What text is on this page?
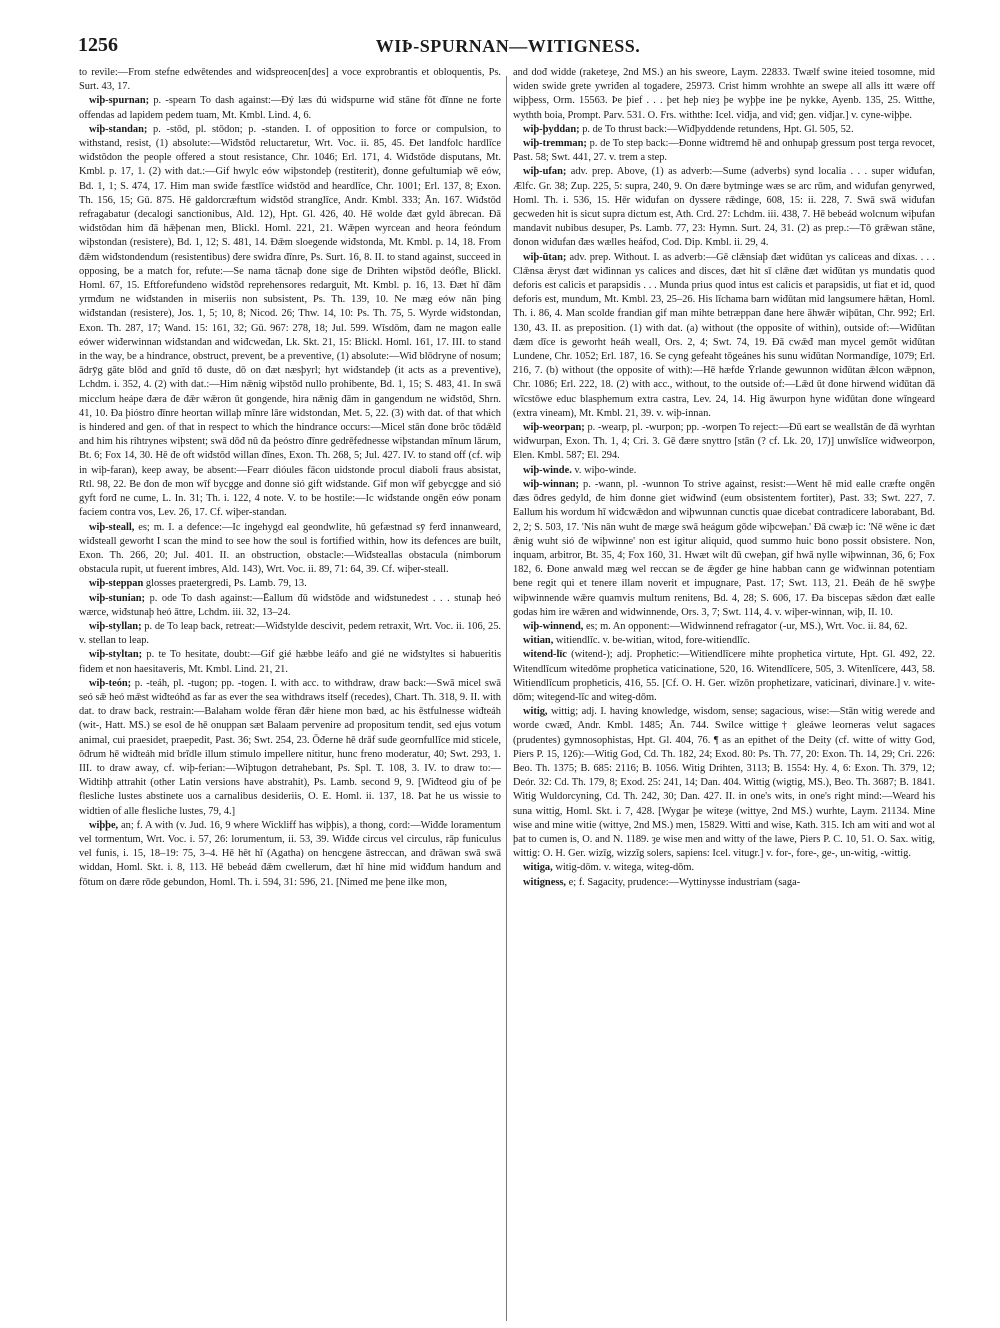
1256	WIÞ-SPURNAN—WITIGNESS.

to revile:—From stefne edwētendes and wiđspreocen[des] a voce exprobrantis et obloquentis, Ps. Surt. 43, 17.

wiþ-spurnan; p. -spearn To dash against:—Ðý læs đú wiđspurne wiđ stāne fōt đīnne ne forte offendas ad lapidem pedem tuam, Mt. Kmbl. Lind. 4, 6.

wiþ-standan; p. -stōd, pl. stōdon; p. -standen. I. of opposition to force or compulsion, to withstand, resist, (1) absolute:—Wiđstōd reluctaretur, Wrt. Voc. ii. 85, 45. Ðet landfolc hardlīce wiđstōdon the people offered a stout resistance, Chr. 1046; Erl. 171, 4. Wiđstōde disputans, Mt. Kmbl. p. 17, 1. (2) with dat.:—Gif hwylc eów wiþstondeþ (restiterit), đonne gefultumiaþ wē eów, Bd. 1, 1; S. 474, 17. Him man swiđe fæstlīce wiđstōd and heardlīce, Chr. 1001; Erl. 137, 8; Exon. Th. 156, 15; Gū. 875. Hē galdorcræftum wiđstōd stranglīce, Andr. Kmbl. 333; Ān. 167. Wiđstōd refragabatur (decalogi sanctionibus, Ald. 12), Hpt. Gl. 426, 40. Hē wolde đæt gyld ābrecan. Ðā wiđstōdan him đā hǣþenan men, Blickl. Homl. 221, 21. Wǣpen wyrcean and heora feóndum wiþstondan (resistere), Bd. 1, 12; S. 481, 14. Ðǣm sloegende wiđstonda, Mt. Kmbl. p. 14, 18. From đǣm wiđstondendum (resistentibus) đere swiđra đīnre, Ps. Surt. 16, 8. II. to stand against, succeed in opposing, be a match for, refute:—Se nama tācnaþ đone sige đe Drihten wiþstōd deófle, Blickl. Homl. 67, 15. Eftforefundeno wiđstōd reprehensores redarguit, Mt. Kmbl. p. 16, 13. Ðæt hī đām yrmđum ne wiđstanden in miseriis non subsistent, Ps. Th. 139, 10. Ne mæg eów nān þing wiđstandan (resistere), Jos. 1, 5; 10, 8; Nicod. 26; Thw. 14, 10: Ps. Th. 75, 5. Wyrde wiđstondan, Exon. Th. 287, 17; Wand. 15: 161, 32; Gū. 967: 278, 18; Jul. 599. Wīsdōm, đam ne magon ealle eówer wiđerwinnan wiđstandan and wiđcweđan, Lk. Skt. 21, 15: Blickl. Homl. 161, 17. III. to stand in the way, be a hindrance, obstruct, prevent, be a preventive, (1) absolute:—Wiđ blōdryne of nosum; ādrȳg gāte blōd and gnīd tō duste, dō on đæt næsþyrl; hyt wiđstandeþ (it acts as a preventive), Lchdm. i. 352, 4. (2) with dat.:—Him nǣnig wiþstōd nullo prohibente, Bd. 1, 15; S. 483, 41. In swā micclum heápe đæra đe đǣr wǣron ūt gongende, hira nǣnig đām in gangendum ne wiđstōd, Shrn. 41, 10. Ða þióstro đīnre heortan willaþ mīnre lāre widstondan, Met. 5, 22. (3) with dat. of that which is hindered and gen. of that in respect to which the hindrance occurs:—Micel stān đone brōc tōdǣlđ and him his rihtrynes wiþstent; swā dōđ nū đa þeóstro đīnre gedrēfednesse wiþstandan mīnum lārum, Bt. 6; Fox 14, 30. Hē đe oft wiđstōd willan đīnes, Exon. Th. 268, 5; Jul. 427. IV. to stand off (cf. wiþ in wiþ-faran), keep away, be absent:—Fearr dióules fācon uidstonde procul diaboli fraus absistat, Rtl. 98, 22. Be đon đe mon wīf bycgge and đonne sió gift wiđstande. Gif mon wīf gebycgge and sió gyft forđ ne cume, L. In. 31; Th. i. 122, 4 note. V. to be hostile:—Ic wiđstande ongēn eów ponam faciem contra vos, Lev. 26, 17. Cf. wiþer-standan.

wiþ-steall, es; m. I. a defence:—Ic ingehygd eal geondwlite, hū gefæstnad sȳ ferđ innanweard, wiđsteall geworht I scan the mind to see how the soul is fortified within, how its defences are built, Exon. Th. 266, 20; Jul. 401. II. an obstruction, obstacle:—Wiđsteallas obstacula (nimborum obstacula rupit, ut fuerent imbres, Ald. 143), Wrt. Voc. ii. 89, 71: 64, 39. Cf. wiþer-steall.

wiþ-steppan glosses praetergredi, Ps. Lamb. 79, 13.

wiþ-stunian; p. ode To dash against:—Ēallum đū wiđstōde and wiđstunedest . . . stunaþ heó wærce, wiđstunaþ heó āttre, Lchdm. iii. 32, 13–24.

wiþ-styllan; p. de To leap back, retreat:—Wiđstylde descivit, pedem retraxit, Wrt. Voc. ii. 106, 25. v. stellan to leap.

wiþ-styltan; p. te To hesitate, doubt:—Gif gié hæbbe leáfo and gié ne wiđstyltes si habueritis fidem et non haesitaveris, Mt. Kmbl. Lind. 21, 21.

wiþ-teón; p. -teáh, pl. -tugon; pp. -togen. I. with acc. to withdraw, draw back:—Swā micel swā seó sǣ heó mǣst wiđteóhđ as far as ever the sea withdraws itself (recedes), Chart. Th. 318, 9. II. with dat. to draw back, restrain:—Balaham wolde fēran đǣr hiene mon bæd, ac his ēstfulnesse wiđteáh (wit-, Hatt. MS.) se esol đe hē onuppan sæt Balaam pervenire ad propositum tendit, sed ejus votum animal, cui praesidet, praepedit, Past. 36; Swt. 254, 23. Ōđerne hē drāf suđe geornfullīce mid sticele, ōđrum hē wiđteáh mid brīdle illum stimulo impellere nititur, hunc freno moderatur, 40; Swt. 293, 1. III. to draw away, cf. wiþ-ferian:—Wiþtugon detrahebant, Ps. Spl. T. 108, 3. IV. to draw to:—Widtihþ attrahit (other Latin versions have abstrahit), Ps. Lamb. second 9, 9. [Wiđteod giu of þe flesliche lustes abstinete uos a carnalibus desideriis, O. E. Homl. ii. 137, 18. Þat he us wissie to widtien of alle flesliche lustes, 79, 4.]

wiþþe, an; f. A with (v. Jud. 16, 9 where Wickliff has wiþþis), a thong, cord:—Wiđđe loramentum vel tormentum, Wrt. Voc. i. 57, 26: lorumentum, ii. 53, 39. Wiđđe circus vel circulus, rāp funiculus vel funis, i. 15, 18–19: 75, 3–4. Hē hēt hī (Agatha) on hencgene āstreccan, and đrāwan swā swā widdan, Homl. Skt. i. 8, 113. Hē bebeád đǣm cwellerum, đæt hī hine mid wiđđum handum and fōtum on đære rōde gebundon, Homl. Th. i. 594, 31: 596, 21. [Nimeđ me þene ilke mon,

and dođ widde (raketeȝe, 2nd MS.) an his sweore, Laym. 22833. Twælf swine iteied tosomne, mid widen swide grete ywriđen al togadere, 25973. Crist himm wrohhte an swepe all alls itt wære off wiþþess, Orm. 15563. Þe þief . . . þet heþ nieȝ þe wyþþe ine þe nykke, Ayenb. 135, 25. Witthe, wythth boia, Prompt. Parv. 531. O. Frs. withthe: Icel. viđja, and viđ; gen. viđjar.] v. cyne-wiþþe.

wiþ-þyddan; p. de To thrust back:—Wiđþyddende retundens, Hpt. Gl. 505, 52.

wiþ-tremman; p. de To step back:—Ðonne wiđtremđ hē and onhupaþ gressum post terga revocet, Past. 58; Swt. 441, 27. v. trem a step.

wiþ-ufan; adv. prep. Above, (1) as adverb:—Sume (adverbs) synd localia . . . super wiđufan, Ælfc. Gr. 38; Zup. 225, 5: supra, 240, 9. On đære bytminge wæs se arc rūm, and wiđufan genyrwed, Homl. Th. i. 536, 15. Hēr wiđufan on đyssere rǣdinge, 608, 15: ii. 228, 7. Swā swā wiđufan gecweden hit is sicut supra dictum est, Ath. Crd. 27: Lchdm. iii. 438, 7. Hē bebeád wolcnum wiþufan mandavit nubibus desuper, Ps. Lamb. 77, 23: Hymn. Surt. 24, 31. (2) as prep.:—Tō grǣwan stāne, đonon wiđufan đæs wælles heáfod, Cod. Dip. Kmbl. ii. 29, 4.

wiþ-ūtan; adv. prep. Without. I. as adverb:—Gē clǣnsiaþ đæt wiđūtan ys caliceas and dixas. . . . Clǣnsa ǣryst đæt wiđinnan ys calices and disces, đæt hit sī clǣne đæt wiđūtan ys mundatis quod deforis est calicis et parapsidis . . . Munda prius quod intus est calicis et parapsidis, ut fiat et id, quod deforis est, mundum, Mt. Kmbl. 23, 25–26. His līchama barn wiđūtan mid langsumere hǣtan, Homl. Th. i. 86, 4. Man scolde frandian gif man mihte betræppan đane here āhwǣr wiþūtan, Chr. 992; Erl. 130, 43. II. as preposition. (1) with dat. (a) without (the opposite of within), outside of:—Wiđūtan đæm dīce is geworht heáh weall, Ors. 2, 4; Swt. 74, 19. Ðā cwǣđ man mycel gemōt wiđūtan Lundene, Chr. 1052; Erl. 187, 16. Se cyng gefeaht tōgeánes his sunu wiđūtan Normandīge, 1079; Erl. 216, 7. (b) without (the opposite of with):—Hē hæfde Ȳrlande gewunnon wiđūtan ǣlcon wǣpnon, Chr. 1086; Erl. 222, 18. (2) with acc., without, to the outside of:—Lǣd ūt đone hirwend wiđūtan đā wīcstōwe educ blasphemum extra castra, Lev. 24, 14. Hig āwurpon hyne wiđūtan đone wīngeard (extra vineam), Mt. Kmbl. 21, 39. v. wiþ-innan.

wiþ-weorpan; p. -wearp, pl. -wurpon; pp. -worpen To reject:—Ðū eart se weallstān đe đā wyrhtan wiđwurpan, Exon. Th. 1, 4; Cri. 3. Gē đære snyttro [stān (? cf. Lk. 20, 17)] unwīslīce wiđweorpon, Elen. Kmbl. 587; El. 294.

wiþ-winde. v. wiþo-winde.

wiþ-winnan; p. -wann, pl. -wunnon To strive against, resist:—Went hē mid ealle cræfte ongēn đæs ōđres gedyld, đe him đonne giet wiđwinđ (eum obsistentem fortiter), Past. 33; Swt. 227, 7. Eallum his wordum hī wiđcwǣdon and wiþwunnan cunctis quae dicebat contradicere laborabant, Bd. 2, 2; S. 503, 17. 'Nis nān wuht đe mæge swā heágum gōde wiþcweþan.' Ðā cwæþ ic: 'Nē wēne ic đæt ǣnig wuht sió đe wiþwinne' non est igitur aliquid, quod summo huic bono possit obsistere. Non, inquam, arbitror, Bt. 35, 4; Fox 160, 31. Hwæt wilt đū cweþan, gif hwā nylle wiþwinnan, 36, 6; Fox 182, 6. Ðone anwald mæg wel reccan se đe ǣgđer ge hine habban cann ge wiđwinnan potentiam bene regit qui et tenere illam noverit et impugnare, Past. 17; Swt. 113, 21. Ðeáh đe hē swȳþe wiþwinnende wǣre quamvis multum renitens, Bd. 4, 28; S. 606, 17. Ða biscepas sǣdon đæt ealle godas him ire wǣren and widwinnende, Ors. 3, 7; Swt. 114, 4. v. wiþer-winnan, wiþ, II. 10.

wiþ-winnend, es; m. An opponent:—Widwinnend refragator (-ur, MS.), Wrt. Voc. ii. 84, 62.

witian, witiendlīc. v. be-witian, witod, fore-witiendlīc.

witend-līc (witend-); adj. Prophetic:—Witiendlīcere mihte prophetica virtute, Hpt. Gl. 492, 22. Witendlīcum witedōme prophetica vaticinatione, 520, 16. Witendlīcere, 505, 3. Witenlīcere, 443, 58. Witiendlīcum propheticis, 416, 55. [Cf. O. H. Ger. wīzōn prophetizare, vaticinari, divinare.] v. wite-dōm; witegend-līc and witeg-dōm.

witig, wittig; adj. I. having knowledge, wisdom, sense; sagacious, wise:—Stān witig werede and worde cwæđ, Andr. Kmbl. 1485; Ān. 744. Swilce wittige† gleáwe leorneras velut sagaces (prudentes) gymnosophistas, Hpt. Gl. 404, 76. ¶ as an epithet of the Deity (cf. witte of witty God, Piers P. 15, 126):—Witig God, Cd. Th. 182, 24; Exod. 80: Ps. Th. 77, 20: Exon. Th. 14, 29; Cri. 226: Beo. Th. 1375; B. 685: 2116; B. 1056. Witig Drihten, 3113; B. 1554: Hy. 4, 6: Exon. Th. 379, 12; Deór. 32: Cd. Th. 179, 8; Exod. 25: 241, 14; Dan. 404. Wittig (wigtig, MS.), Beo. Th. 3687; B. 1841. Witig Wuldorcyning, Cd. Th. 242, 30; Dan. 427. II. in one's wits, in one's right mind:—Weard his suna wittig, Homl. Skt. i. 7, 428. [Wygar þe witeȝe (wittye, 2nd MS.) wurhte, Laym. 21134. Mine wise and mine witie (wittye, 2nd MS.) men, 15829. Witti and wise, Kath. 315. Ich am witi and wot al þat to cumen is, O. and N. 1189. ȝe wise men and witty of the lawe, Piers P. C. 10, 51. O. Sax. witig, wittig: O. H. Ger. wizīg, wizzīg solers, sapiens: Icel. vitugr.] v. for-, fore-, ge-, un-witig, -wittig.

witiga, witig-dōm. v. witega, witeg-dōm.

witigness, e; f. Sagacity, prudence:—Wyttinysse industriam (saga-
